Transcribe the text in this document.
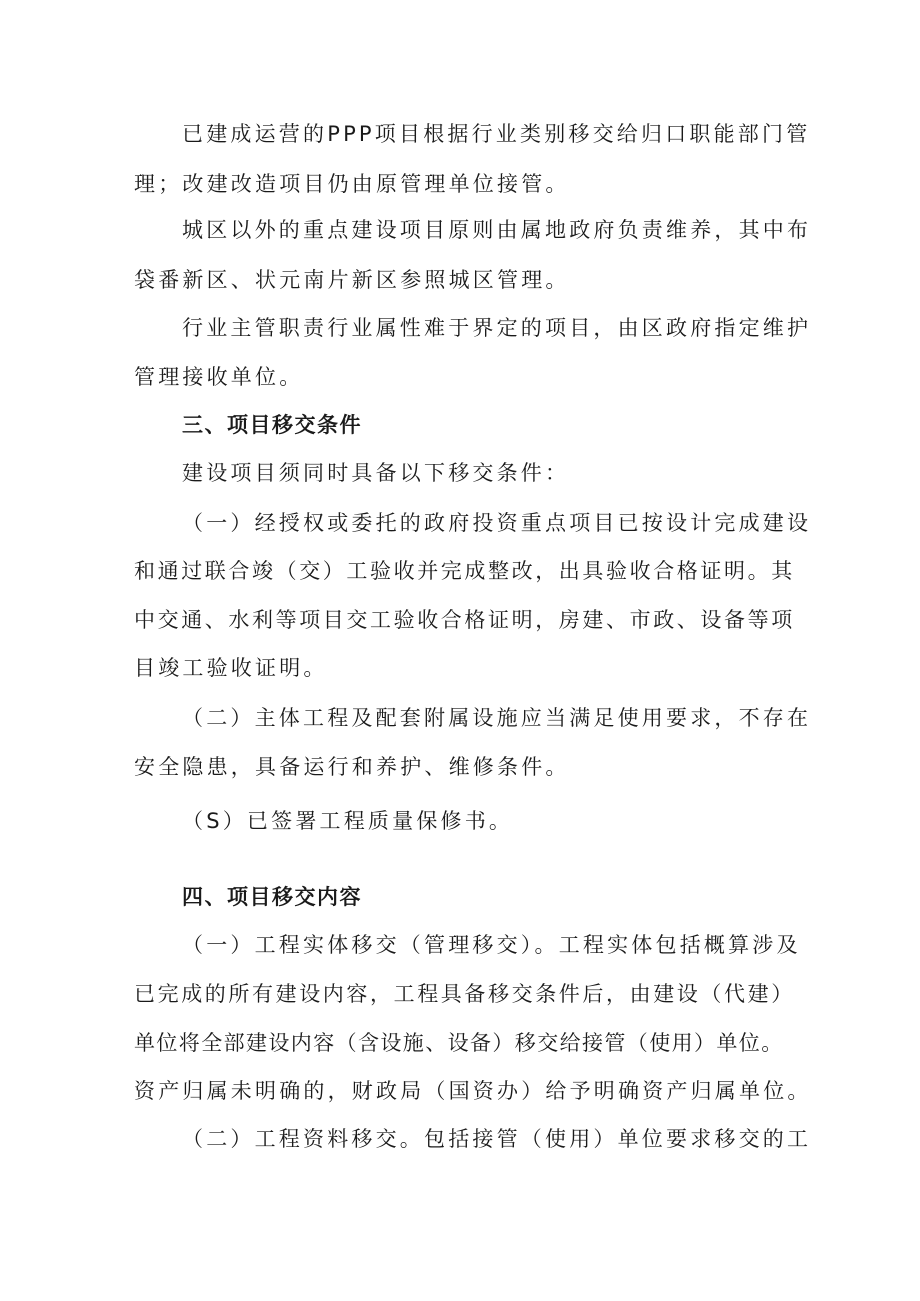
已建成运营的PPP项目根据行业类别移交给归口职能部门管
理；改建改造项目仍由原管理单位接管。
城区以外的重点建设项目原则由属地政府负责维养，其中布
袋番新区、状元南片新区参照城区管理。
行业主管职责行业属性难于界定的项目，由区政府指定维护
管理接收单位。
三、项目移交条件
建设项目须同时具备以下移交条件：
（一）经授权或委托的政府投资重点项目已按设计完成建设
和通过联合竣（交）工验收并完成整改，出具验收合格证明。其
中交通、水利等项目交工验收合格证明，房建、市政、设备等项
目竣工验收证明。
（二）主体工程及配套附属设施应当满足使用要求，不存在
安全隐患，具备运行和养护、维修条件。
（S）已签署工程质量保修书。
四、项目移交内容
（一）工程实体移交（管理移交）。工程实体包括概算涉及
已完成的所有建设内容，工程具备移交条件后，由建设（代建）
单位将全部建设内容（含设施、设备）移交给接管（使用）单位。
资产归属未明确的，财政局（国资办）给予明确资产归属单位。
（二）工程资料移交。包括接管（使用）单位要求移交的工
